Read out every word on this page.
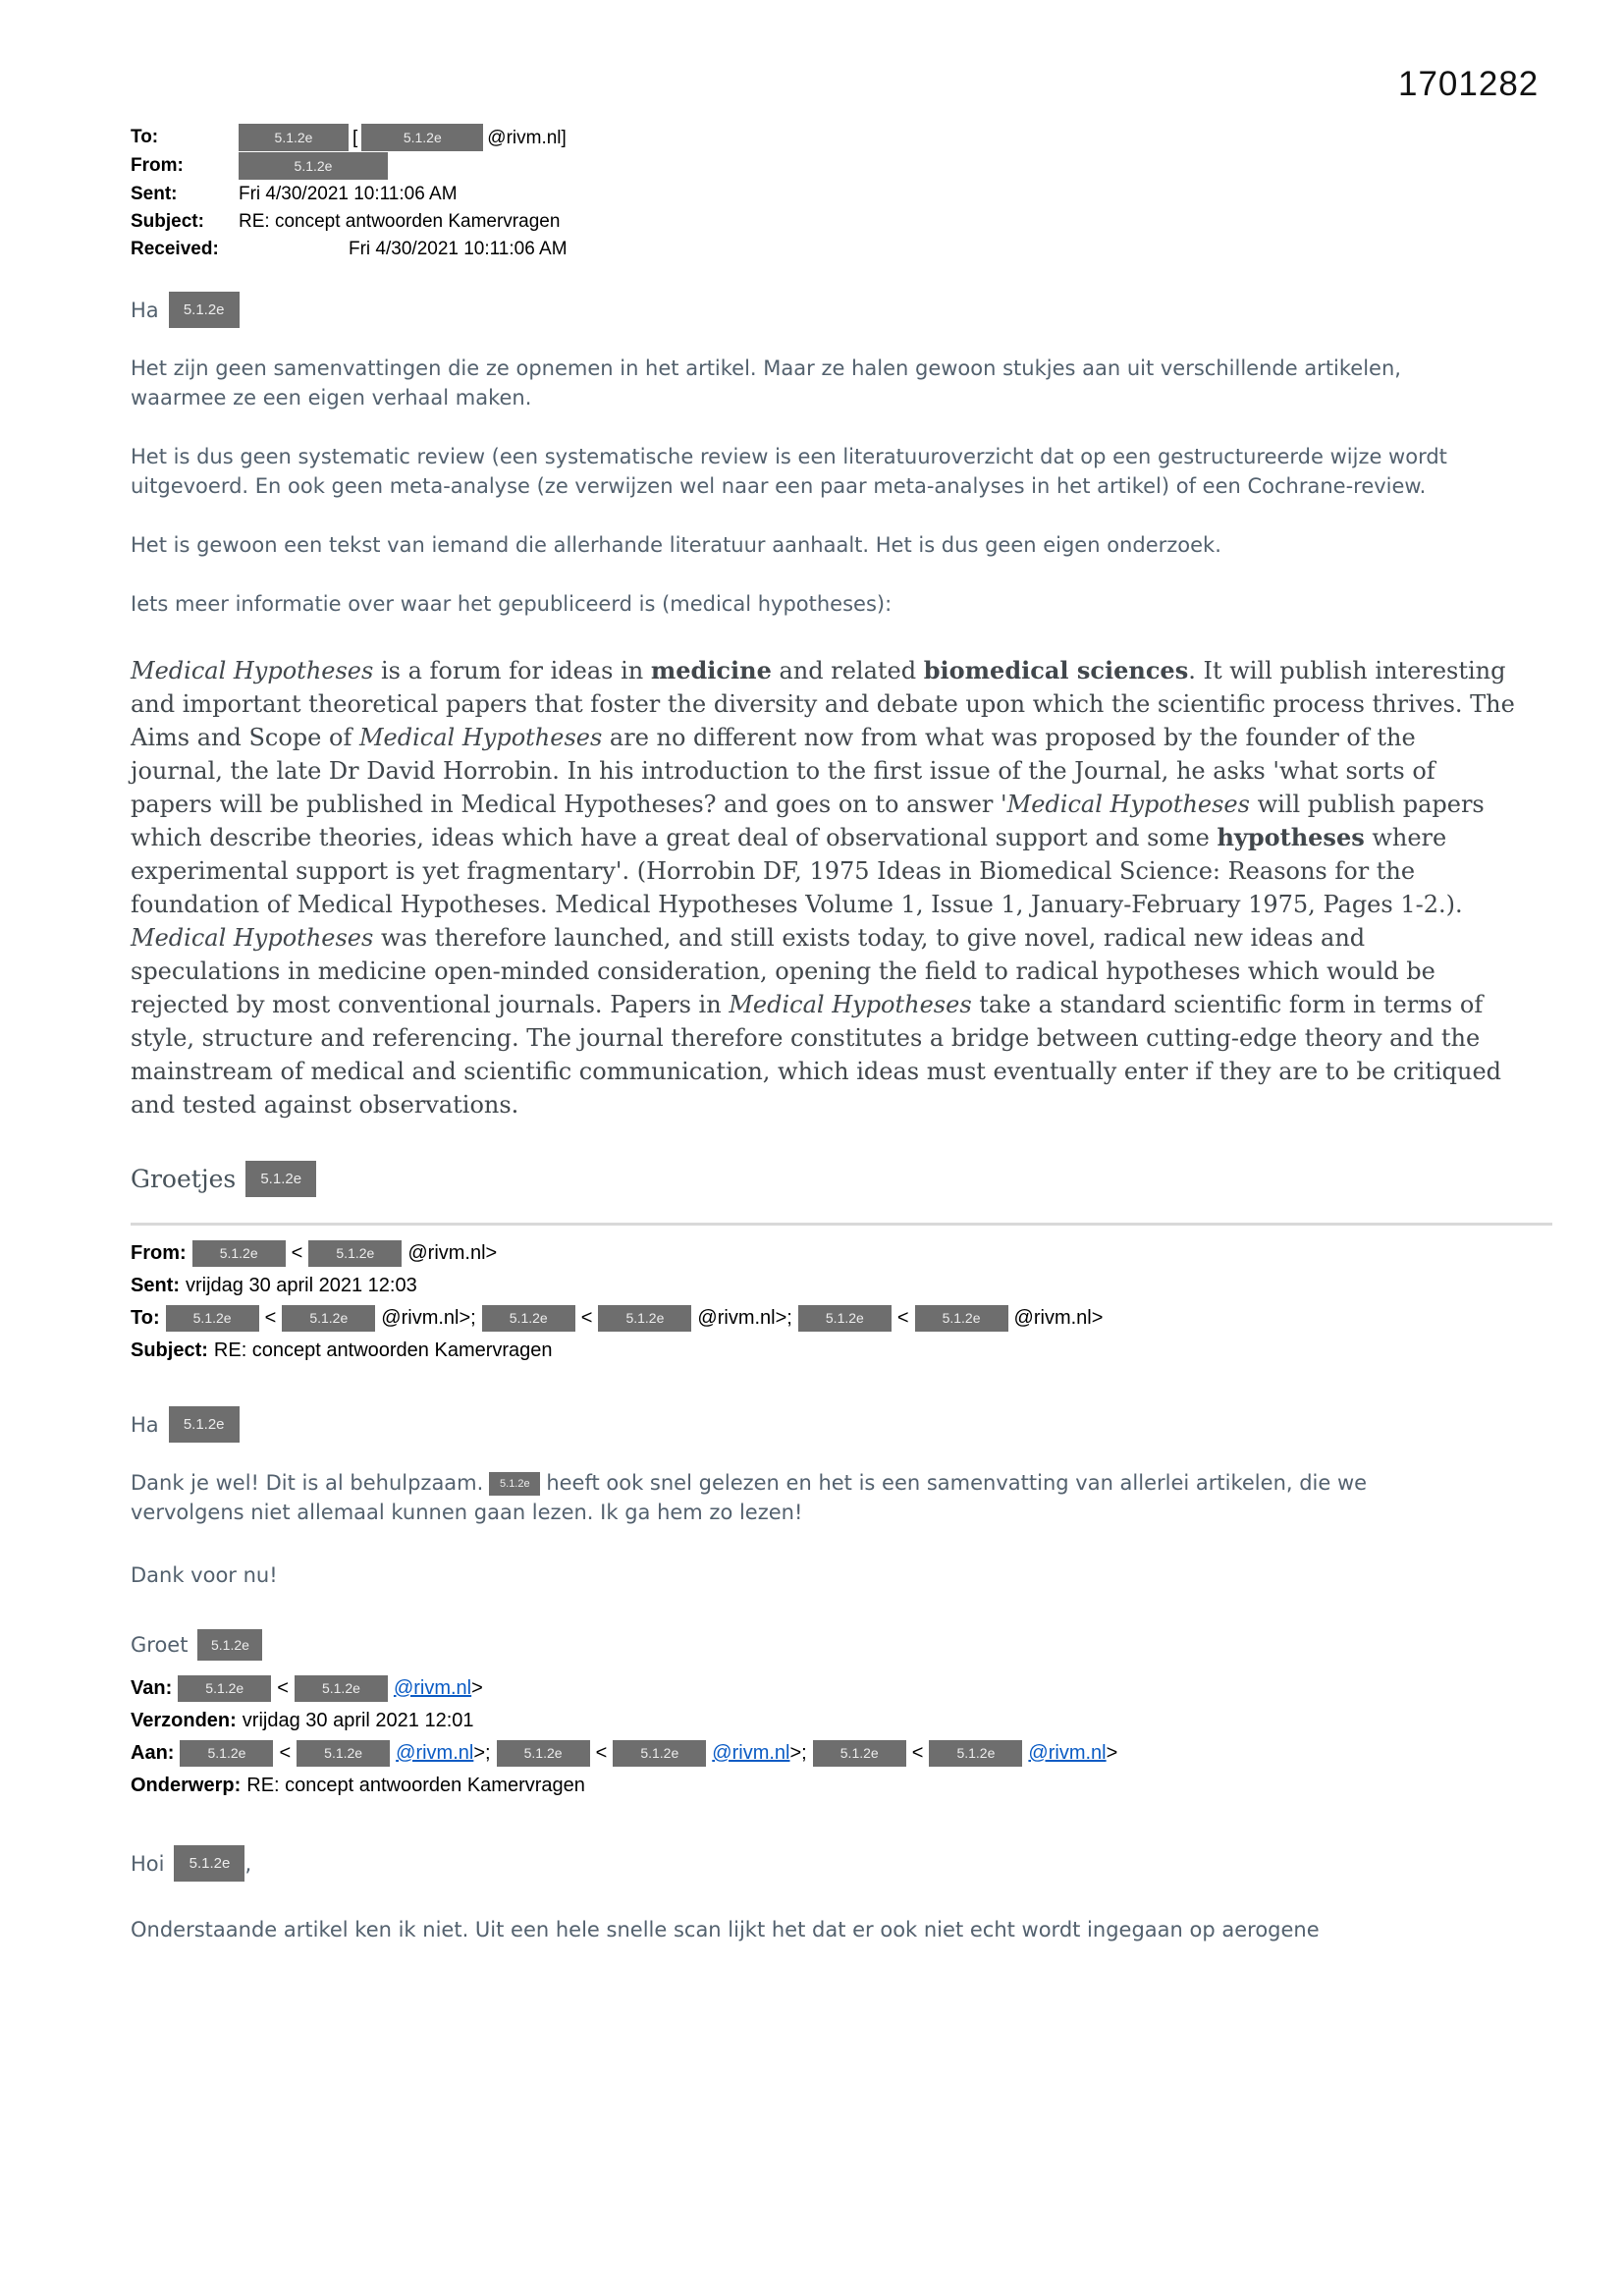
1701282
To:	5.1.2e	[	5.1.2e	@rivm.nl]
From:	5.1.2e
Sent:	Fri 4/30/2021 10:11:06 AM
Subject:	RE: concept antwoorden Kamervragen
Received:	Fri 4/30/2021 10:11:06 AM
Ha	5.1.2e

Het zijn geen samenvattingen die ze opnemen in het artikel. Maar ze halen gewoon stukjes aan uit verschillende artikelen, waarmee ze een eigen verhaal maken.

Het is dus geen systematic review (een systematische review is een literatuuroverzicht dat op een gestructureerde wijze wordt uitgevoerd. En ook geen meta-analyse (ze verwijzen wel naar een paar meta-analyses in het artikel) of een Cochrane-review.

Het is gewoon een tekst van iemand die allerhande literatuur aanhaalt. Het is dus geen eigen onderzoek.

Iets meer informatie over waar het gepubliceerd is (medical hypotheses):

Medical Hypotheses is a forum for ideas in medicine and related biomedical sciences. It will publish interesting and important theoretical papers that foster the diversity and debate upon which the scientific process thrives. The Aims and Scope of Medical Hypotheses are no different now from what was proposed by the founder of the journal, the late Dr David Horrobin. In his introduction to the first issue of the Journal, he asks 'what sorts of papers will be published in Medical Hypotheses? and goes on to answer 'Medical Hypotheses will publish papers which describe theories, ideas which have a great deal of observational support and some hypotheses where experimental support is yet fragmentary'. (Horrobin DF, 1975 Ideas in Biomedical Science: Reasons for the foundation of Medical Hypotheses. Medical Hypotheses Volume 1, Issue 1, January-February 1975, Pages 1-2.). Medical Hypotheses was therefore launched, and still exists today, to give novel, radical new ideas and speculations in medicine open-minded consideration, opening the field to radical hypotheses which would be rejected by most conventional journals. Papers in Medical Hypotheses take a standard scientific form in terms of style, structure and referencing. The journal therefore constitutes a bridge between cutting-edge theory and the mainstream of medical and scientific communication, which ideas must eventually enter if they are to be critiqued and tested against observations.
Groetjes	5.1.2e
From:	5.1.2e	<	5.1.2e	@rivm.nl>
Sent: vrijdag 30 april 2021 12:03
To:	5.1.2e	<	5.1.2e	@rivm.nl>;	5.1.2e	<	5.1.2e	@rivm.nl>;	5.1.2e	<	5.1.2e	@rivm.nl>
Subject: RE: concept antwoorden Kamervragen
Ha	5.1.2e

Dank je wel! Dit is al behulpzaam. 5.1.2e heeft ook snel gelezen en het is een samenvatting van allerlei artikelen, die we vervolgens niet allemaal kunnen gaan lezen. Ik ga hem zo lezen!

Dank voor nu!

Groet	5.1.2e
Van:	5.1.2e	<	5.1.2e	@rivm.nl>
Verzonden: vrijdag 30 april 2021 12:01
Aan:	5.1.2e	<	5.1.2e	@rivm.nl>;	5.1.2e	<	5.1.2e	@rivm.nl>;	5.1.2e	<	5.1.2e	@rivm.nl>
Onderwerp: RE: concept antwoorden Kamervragen
Hoi	5.1.2e ,

Onderstaande artikel ken ik niet. Uit een hele snelle scan lijkt het dat er ook niet echt wordt ingegaan op aerogene
